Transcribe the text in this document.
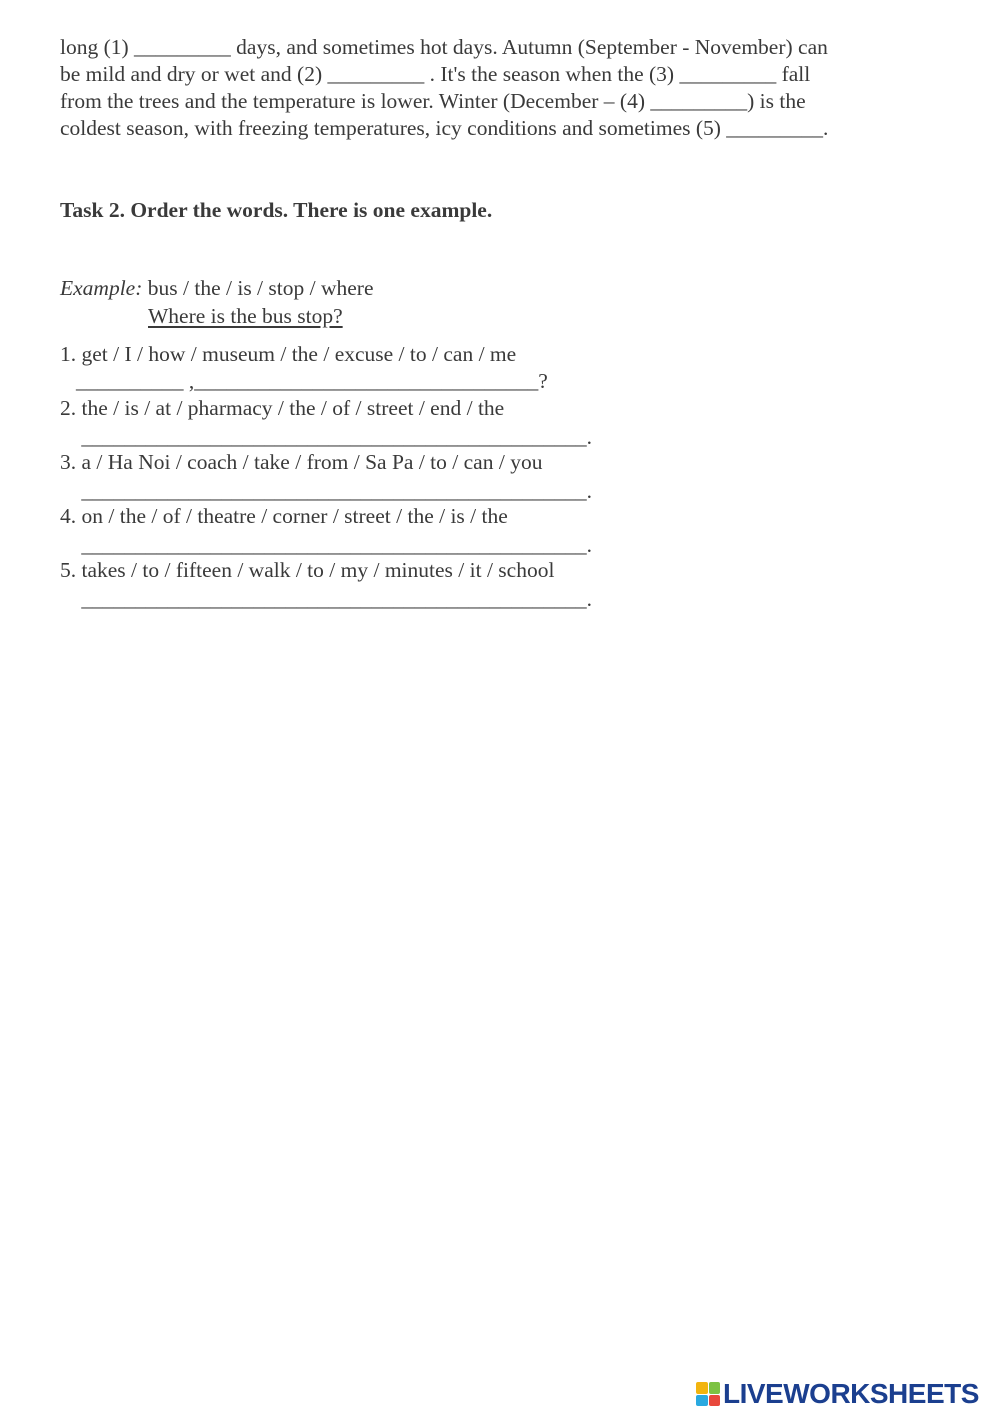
long (1) _________ days, and sometimes hot days. Autumn (September - November) can
be mild and dry or wet and (2) _________ . It's the season when the (3) _________ fall
from the trees and the temperature is lower. Winter (December – (4) _________) is the
coldest season, with freezing temperatures, icy conditions and sometimes (5) _________.
Task 2. Order the words. There is one example.
Example: bus / the / is / stop / where
Where is the bus stop?
1. get / I / how / museum / the / excuse / to / can / me
__________ ,________________________________?
2. the / is / at / pharmacy / the / of / street / end / the
_______________________________________________.
3. a / Ha Noi / coach / take / from / Sa Pa / to / can / you
_______________________________________________.
4. on / the / of / theatre / corner / street / the / is / the
_______________________________________________.
5. takes / to / fifteen / walk / to / my / minutes / it / school
_______________________________________________.
LIVEWORKSHEETS
